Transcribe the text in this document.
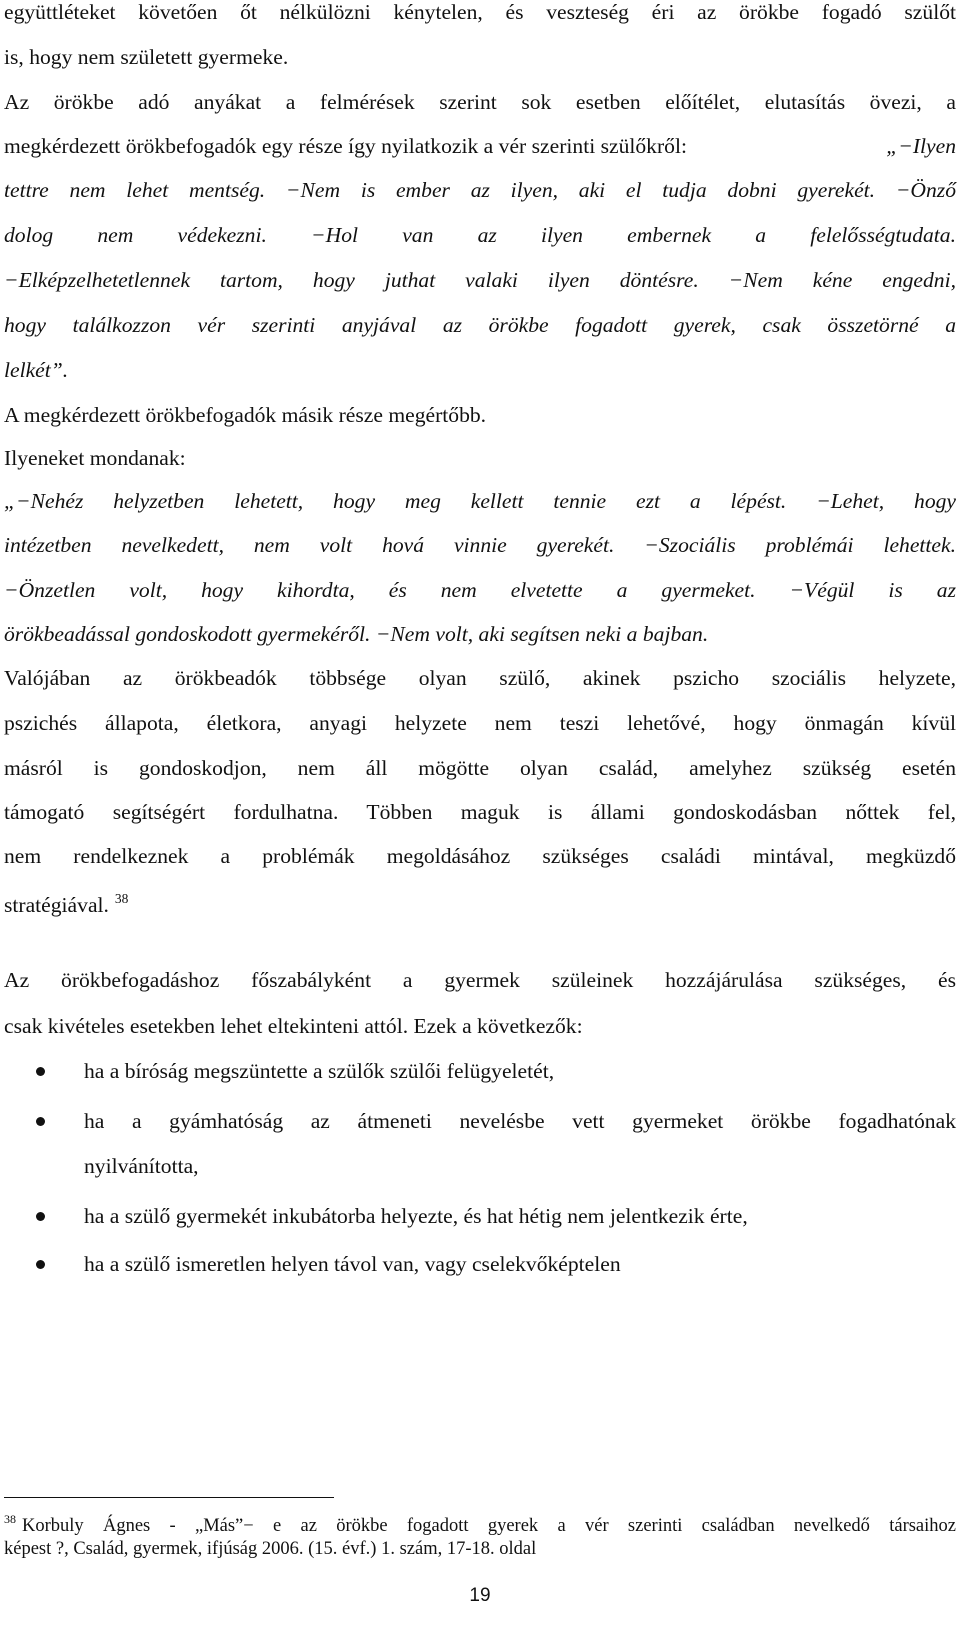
együttléteket követően őt nélkülözni kénytelen, és veszteség éri az örökbe fogadó szülőt
is, hogy nem született gyermeke.
Az örökbe adó anyákat a felmérések szerint sok esetben előítélet, elutasítás övezi, a
megkérdezett örökbefogadók egy része így nyilatkozik a vér szerinti szülőkről:	„−Ilyen
tettre nem lehet mentség. −Nem is ember az ilyen, aki el tudja dobni gyerekét. −Önző
dolog nem védekezni. −Hol van az ilyen embernek a felelősségtudata.
−Elképzelhetetlennek tartom, hogy juthat valaki ilyen döntésre. −Nem kéne engedni,
hogy találkozzon vér szerinti anyjával az örökbe fogadott gyerek, csak összetörné a
lelkét”.
A megkérdezett örökbefogadók másik része megértőbb.
Ilyeneket mondanak:
„−Nehéz helyzetben lehetett, hogy meg kellett tennie ezt a lépést. −Lehet, hogy
intézetben nevelkedett, nem volt hová vinnie gyerekét. −Szociális problémái lehettek.
−Önzetlen volt, hogy kihordta, és nem elvetette a gyermeket. −Végül is az
örökbeadással gondoskodott gyermekéről. −Nem volt, aki segítsen neki a bajban.
Valójában az örökbeadók többsége olyan szülő, akinek pszicho szociális helyzete,
pszichés állapota, életkora, anyagi helyzete nem teszi lehetővé, hogy önmagán kívül
másról is gondoskodjon, nem áll mögötte olyan család, amelyhez szükség esetén
támogató segítségért fordulhatna. Többen maguk is állami gondoskodásban nőttek fel,
nem rendelkeznek a problémák megoldásához szükséges családi mintával, megküzdő
stratégiával. $^{38}$
Az örökbefogadáshoz főszabályként a gyermek szüleinek hozzájárulása szükséges, és
csak kivételes esetekben lehet eltekinteni attól. Ezek a következők:
ha a bíróság megszüntette a szülők szülői felügyeletét,
ha a gyámhatóság az átmeneti nevelésbe vett gyermeket örökbe fogadhatónak
nyilvánította,
ha a szülő gyermekét inkubátorba helyezte, és hat hétig nem jelentkezik érte,
ha a szülő ismeretlen helyen távol van, vagy cselekvőképtelen
$^{38}$ Korbuly Ágnes - „Más”− e az örökbe fogadott gyerek a vér szerinti családban nevelkedő társaihoz
képest ?, Család, gyermek, ifjúság 2006. (15. évf.) 1. szám, 17-18. oldal
19
